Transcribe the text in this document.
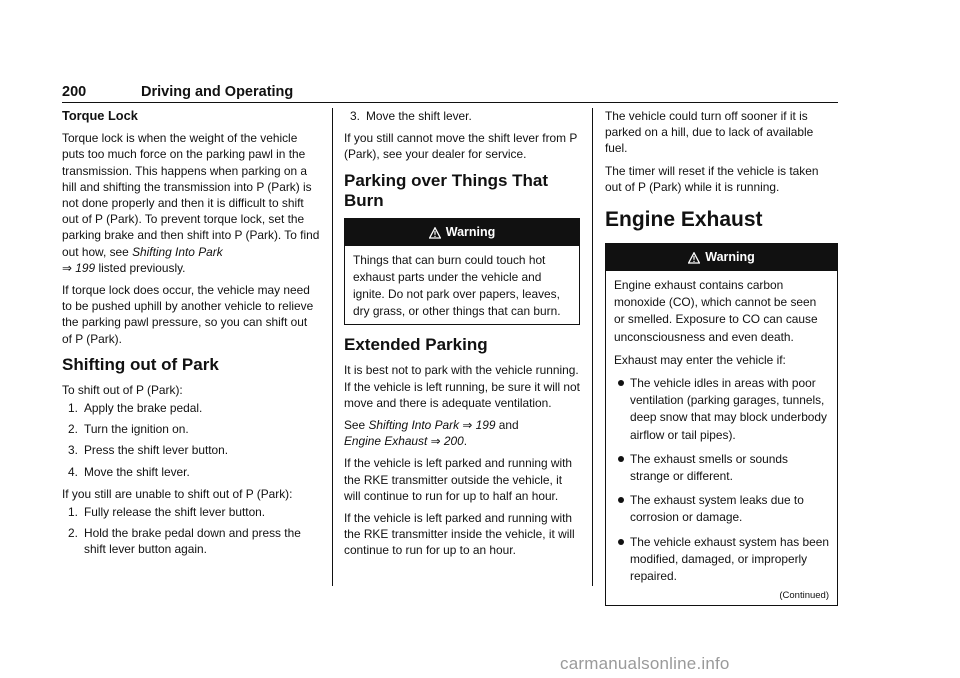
200	Driving and Operating
Torque Lock

Torque lock is when the weight of the vehicle puts too much force on the parking pawl in the transmission. This happens when parking on a hill and shifting the transmission into P (Park) is not done properly and then it is difficult to shift out of P (Park). To prevent torque lock, set the parking brake and then shift into P (Park). To find out how, see Shifting Into Park
⇒ 199 listed previously.

If torque lock does occur, the vehicle may need to be pushed uphill by another vehicle to relieve the parking pawl pressure, so you can shift out of P (Park).

Shifting out of Park

To shift out of P (Park):

1. Apply the brake pedal.
2. Turn the ignition on.
3. Press the shift lever button.
4. Move the shift lever.

If you still are unable to shift out of P (Park):

1. Fully release the shift lever button.
2. Hold the brake pedal down and press the shift lever button again.
3. Move the shift lever.

If you still cannot move the shift lever from P (Park), see your dealer for service.

Parking over Things That Burn
Warning
Things that can burn could touch hot exhaust parts under the vehicle and ignite. Do not park over papers, leaves, dry grass, or other things that can burn.
Extended Parking

It is best not to park with the vehicle running. If the vehicle is left running, be sure it will not move and there is adequate ventilation.

See Shifting Into Park ⇒ 199 and
Engine Exhaust ⇒ 200.

If the vehicle is left parked and running with the RKE transmitter outside the vehicle, it will continue to run for up to half an hour.

If the vehicle is left parked and running with the RKE transmitter inside the vehicle, it will continue to run for up to an hour.

The vehicle could turn off sooner if it is parked on a hill, due to lack of available fuel.

The timer will reset if the vehicle is taken out of P (Park) while it is running.

Engine Exhaust
Warning

Engine exhaust contains carbon monoxide (CO), which cannot be seen or smelled. Exposure to CO can cause unconsciousness and even death.

Exhaust may enter the vehicle if:

The vehicle idles in areas with poor ventilation (parking garages, tunnels, deep snow that may block underbody airflow or tail pipes).
The exhaust smells or sounds strange or different.
The exhaust system leaks due to corrosion or damage.
The vehicle exhaust system has been modified, damaged, or improperly repaired.
(Continued)
carmanualsonline.info
